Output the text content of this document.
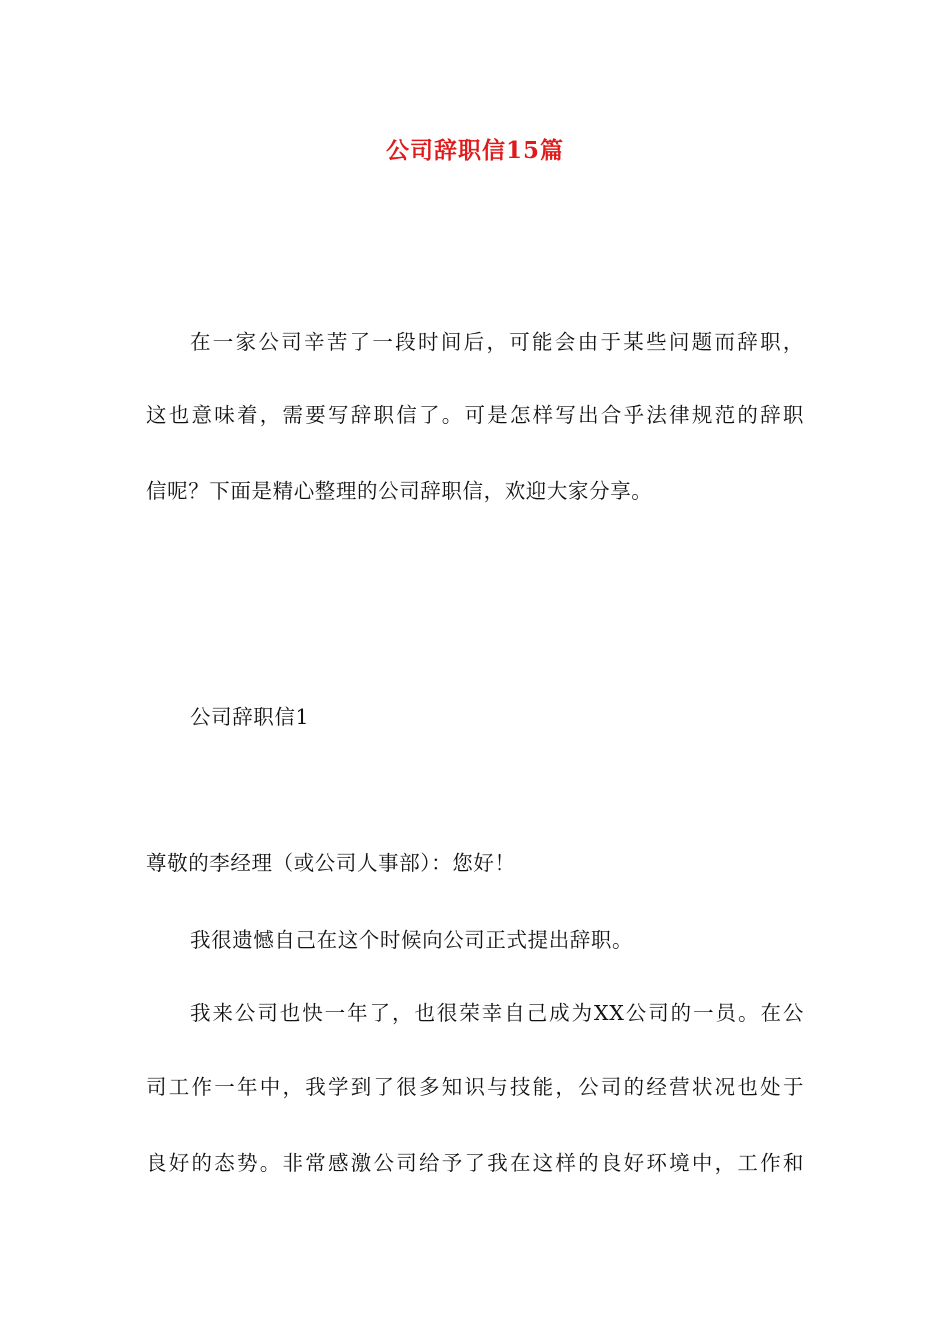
公司辞职信15篇
在一家公司辛苦了一段时间后，可能会由于某些问题而辞职，
这也意味着，需要写辞职信了。可是怎样写出合乎法律规范的辞职
信呢？下面是精心整理的公司辞职信，欢迎大家分享。
公司辞职信1
尊敬的李经理（或公司人事部）：您好！
我很遗憾自己在这个时候向公司正式提出辞职。
我来公司也快一年了，也很荣幸自己成为XX公司的一员。在公
司工作一年中，我学到了很多知识与技能，公司的经营状况也处于
良好的态势。非常感激公司给予了我在这样的良好环境中，工作和
